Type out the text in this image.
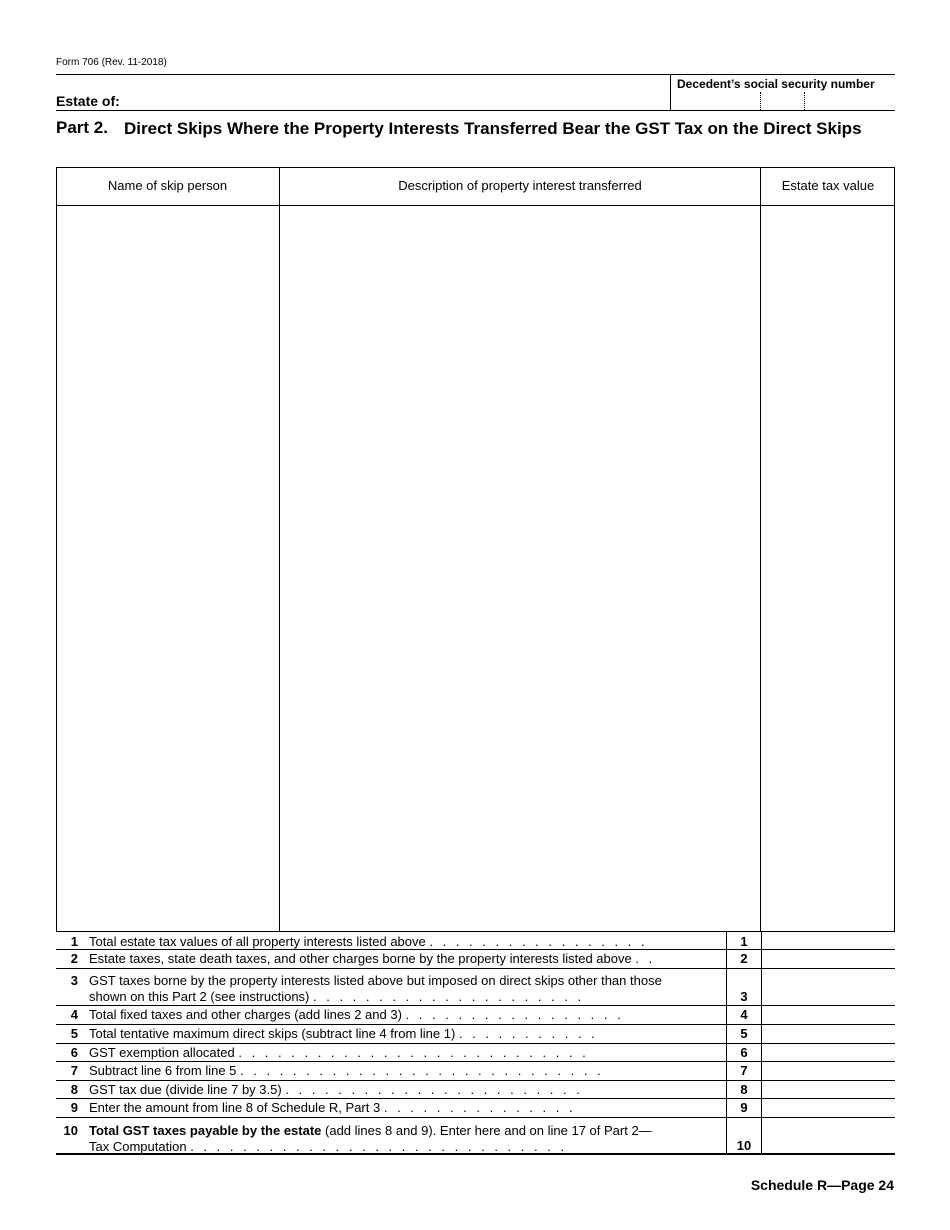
Form 706 (Rev. 11-2018)
Estate of:
Decedent’s social security number
Part 2. Direct Skips Where the Property Interests Transferred Bear the GST Tax on the Direct Skips
Name of skip person	Description of property interest transferred	Estate tax value
1 Total estate tax values of all property interests listed above . . . . . . . . . . . . . . . . .	1
2 Estate taxes, state death taxes, and other charges borne by the property interests listed above . .	2
3 GST taxes borne by the property interests listed above but imposed on direct skips other than those
shown on this Part 2 (see instructions) . . . . . . . . . . . . . . . . . . . . .	3
4 Total fixed taxes and other charges (add lines 2 and 3) . . . . . . . . . . . . . . . . .	4
5 Total tentative maximum direct skips (subtract line 4 from line 1) . . . . . . . . . . .	5
6 GST exemption allocated . . . . . . . . . . . . . . . . . . . . . . . . . . .	6
7 Subtract line 6 from line 5 . . . . . . . . . . . . . . . . . . . . . . . . . . . .	7
8 GST tax due (divide line 7 by 3.5) . . . . . . . . . . . . . . . . . . . . . . .	8
9 Enter the amount from line 8 of Schedule R, Part 3 . . . . . . . . . . . . . . .	9
10 Total GST taxes payable by the estate (add lines 8 and 9). Enter here and on line 17 of Part 2—
Tax Computation . . . . . . . . . . . . . . . . . . . . . . . . . . . . .	10
Schedule R—Page 24
